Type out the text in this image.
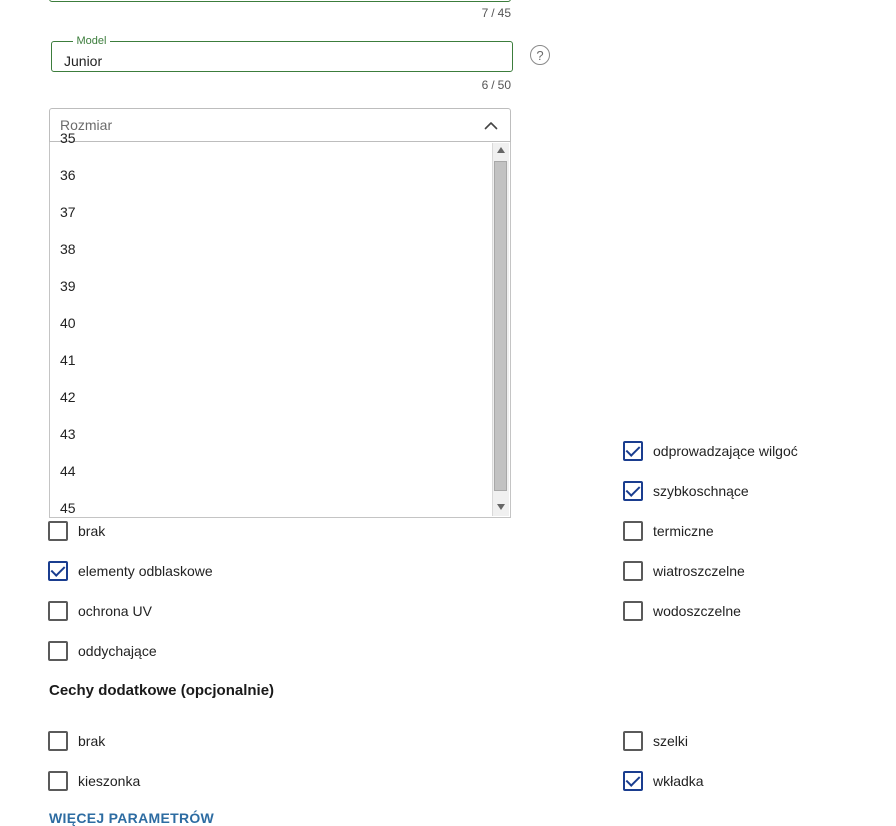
7 / 45
Model
Junior
?
6 / 50
Rozmiar
35
36
37
38
39
40
41
42
43
44
45
odprowadzające wilgoć
szybkoschnące
termiczne
wiatroszczelne
wodoszczelne
brak
elementy odblaskowe
ochrona UV
oddychające
Cechy dodatkowe (opcjonalnie)
brak
kieszonka
szelki
wkładka
WIĘCEJ PARAMETRÓW
